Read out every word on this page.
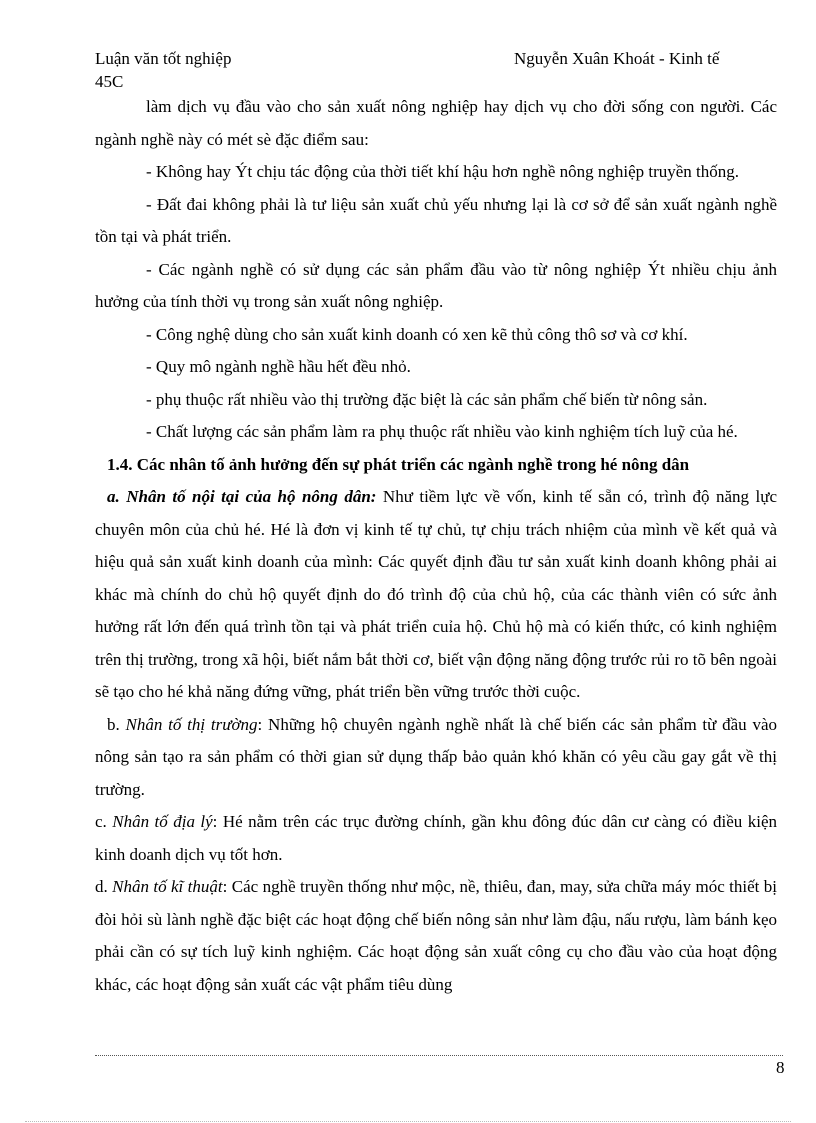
Luận văn tốt nghiệp	Nguyễn Xuân Khoát - Kinh tế
45C

làm dịch vụ đầu vào cho sản xuất nông nghiệp hay dịch vụ cho đời sống con người. Các ngành nghề này có mét sè đặc điểm sau:

- Không hay Ýt chịu tác động của thời tiết khí hậu hơn nghề nông nghiệp truyền thống.

- Đất đai không phải là tư liệu sản xuất chủ yếu nhưng lại là cơ sở để sản xuất ngành nghề tồn tại và phát triển.

- Các ngành nghề có sử dụng các sản phẩm đầu vào từ nông nghiệp Ýt nhiều chịu ảnh hưởng của tính thời vụ trong sản xuất nông nghiệp.

- Công nghệ dùng cho sản xuất kinh doanh có xen kẽ thủ công thô sơ và cơ khí.

- Quy mô ngành nghề hầu hết đều nhỏ.

- phụ thuộc rất nhiều vào thị trường đặc biệt là các sản phẩm chế biến từ nông sản.

- Chất lượng các sản phẩm làm ra phụ thuộc rất nhiều vào kinh nghiệm tích luỹ của hé.

1.4. Các nhân tố ảnh hưởng đến sự phát triển các ngành nghề trong hé nông dân

a. Nhân tố nội tại của hộ nông dân: Như tiềm lực về vốn, kinh tế sẵn có, trình độ năng lực chuyên môn của chủ hé. Hé là đơn vị kinh tế tự chủ, tự chịu trách nhiệm của mình về kết quả và hiệu quả sản xuất kinh doanh của mình: Các quyết định đầu tư sản xuất kinh doanh không phải ai khác mà chính do chủ hộ quyết định do đó trình độ của chủ hộ, của các thành viên có sức ảnh hưởng rất lớn đến quá trình tồn tại và phát triển cuỉa hộ. Chủ hộ mà có kiến thức, có kinh nghiệm trên thị trường, trong xã hội, biết nắm bắt thời cơ, biết vận động năng động trước rủi ro tõ bên ngoài sẽ tạo cho hé khả năng đứng vững, phát triển bền vững trước thời cuộc.

b. Nhân tố thị trường: Những hộ chuyên ngành nghề nhất là chế biến các sản phẩm từ đầu vào nông sản tạo ra sản phẩm có thời gian sử dụng thấp bảo quản khó khăn có yêu cầu gay gắt về thị trường.

c. Nhân tố địa lý: Hé nằm trên các trục đường chính, gần khu đông đúc dân cư càng có điều kiện kinh doanh dịch vụ tốt hơn.

d. Nhân tố kĩ thuật: Các nghề truyền thống như mộc, nề, thiêu, đan, may, sửa chữa máy móc thiết bị đòi hỏi sù lành nghề đặc biệt các hoạt động chế biến nông sản như làm đậu, nấu rượu, làm bánh kẹo phải cần có sự tích luỹ kinh nghiệm. Các hoạt động sản xuất công cụ cho đầu vào của hoạt động khác, các hoạt động sản xuất các vật phẩm tiêu dùng

8
